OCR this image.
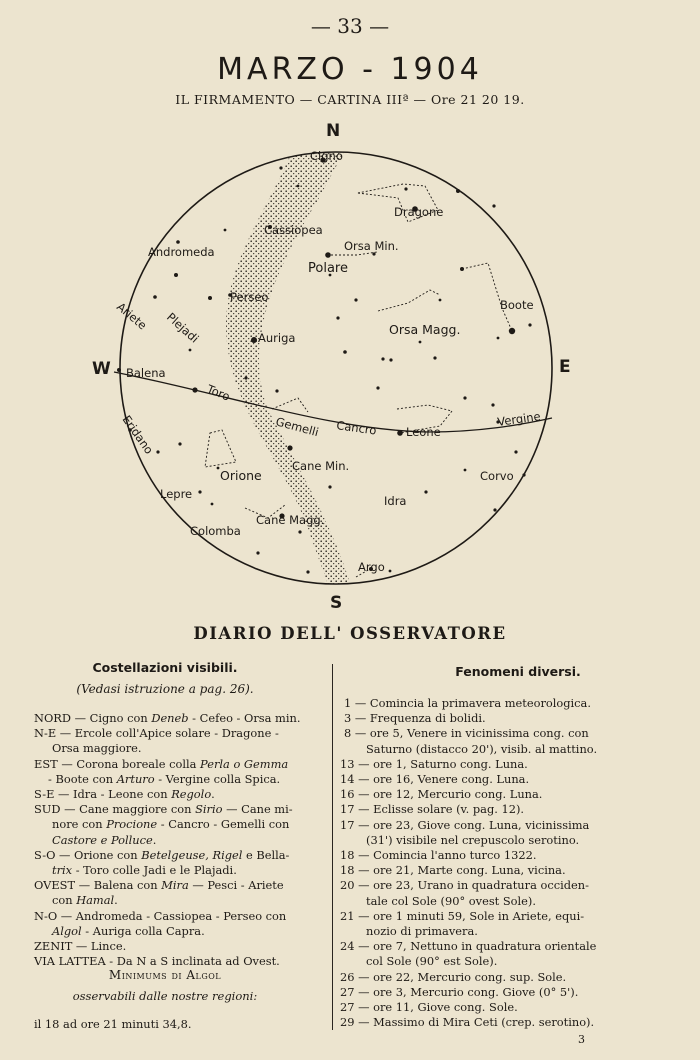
— 33 —
MARZO - 1904
IL FIRMAMENTO — CARTINA IIIª — Ore 21 20 19.
N
S
E
W
Cigno
Cassiopea
Andromeda
Dragone
Orsa Min.
Polare
Perseo
Ariete Plejadi	Auriga
Boote
Orsa Magg.
Balena
Toro
Gemelli Cancro Leone
Vergine
Eridano
Orione
Cane Min.
Corvo
Lepre	Idra
Colomba
Cane Magg.
Argo
DIARIO DELL' OSSERVATORE
Costellazioni visibili.
(Vedasi istruzione a pag. 26).
NORD — Cigno con Deneb - Cefeo - Orsa min.
N-E — Ercole coll'Apice solare - Dragone -
Orsa maggiore.
EST — Corona boreale colla Perla o Gemma
- Boote con Arturo - Vergine colla Spica.
S-E — Idra - Leone con Regolo.
SUD — Cane maggiore con Sirio — Cane mi-
nore con Procione - Cancro - Gemelli con
Castore e Polluce.
S-O — Orione con Betelgeuse, Rigel e Bella-
trix - Toro colle Jadi e le Plajadi.
OVEST — Balena con Mira — Pesci - Ariete
con Hamal.
N-O — Andromeda - Cassiopea - Perseo con
Algol - Auriga colla Capra.
ZENIT — Lince.
VIA LATTEA - Da N a S inclinata ad Ovest.
Minimums di Algol
osservabili dalle nostre regioni:
il 18 ad ore 21 minuti 34,8.
Fenomeni diversi.
1 — Comincia la primavera meteorologica.
3 — Frequenza di bolidi.
8 — ore 5, Venere in vicinissima cong. con
Saturno (distacco 20'), visib. al mattino.
13 — ore 1, Saturno cong. Luna.
14 — ore 16, Venere cong. Luna.
16 — ore 12, Mercurio cong. Luna.
17 — Eclisse solare (v. pag. 12).
17 — ore 23, Giove cong. Luna, vicinissima
(31') visibile nel crepuscolo serotino.
18 — Comincia l'anno turco 1322.
18 — ore 21, Marte cong. Luna, vicina.
20 — ore 23, Urano in quadratura occiden-
tale col Sole (90° ovest Sole).
21 — ore 1 minuti 59, Sole in Ariete, equi-
nozio di primavera.
24 — ore 7, Nettuno in quadratura orientale
col Sole (90° est Sole).
26 — ore 22, Mercurio cong. sup. Sole.
27 — ore 3, Mercurio cong. Giove (0° 5').
27 — ore 11, Giove cong. Sole.
29 — Massimo di Mira Ceti (crep. serotino).
3
